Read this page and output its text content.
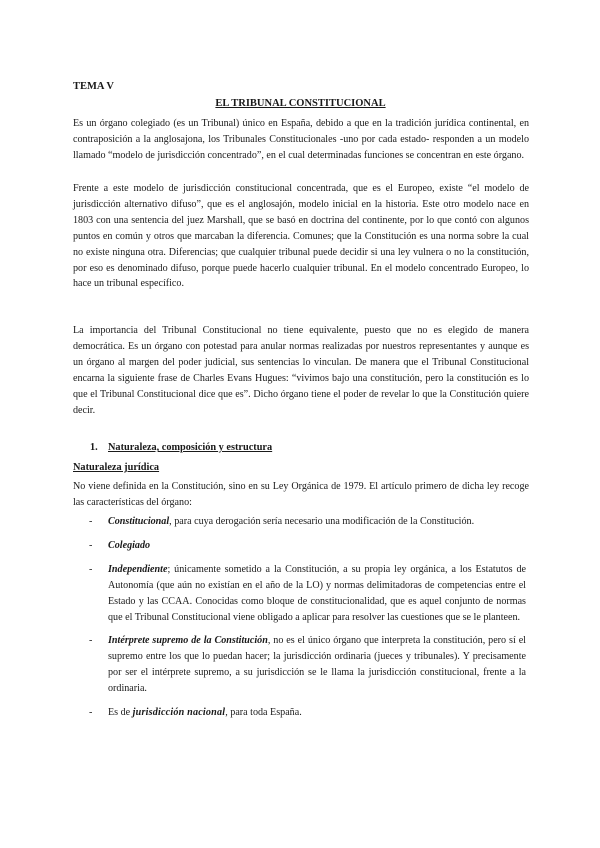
TEMA V
EL TRIBUNAL CONSTITUCIONAL

Es un órgano colegiado (es un Tribunal) único en España, debido a que en la tradición jurídica continental, en contraposición a la anglosajona, los Tribunales Constitucionales -uno por cada estado- responden a un modelo llamado “modelo de jurisdicción concentrado”, en el cual determinadas funciones se concentran en este órgano.

Frente a este modelo de jurisdicción constitucional concentrada, que es el Europeo, existe “el modelo de jurisdicción alternativo difuso”, que es el anglosajón, modelo inicial en la historia. Este otro modelo nace en 1803 con una sentencia del juez Marshall, que se basó en doctrina del continente, por lo que contó con algunos puntos en común y otros que marcaban la diferencia. Comunes; que la Constitución es una norma sobre la cual no existe ninguna otra. Diferencias; que cualquier tribunal puede decidir si una ley vulnera o no la constitución, por eso es denominado difuso, porque puede hacerlo cualquier tribunal. En el modelo concentrado Europeo, lo hace un tribunal específico.

La importancia del Tribunal Constitucional no tiene equivalente, puesto que no es elegido de manera democrática. Es un órgano con potestad para anular normas realizadas por nuestros representantes y aunque es un órgano al margen del poder judicial, sus sentencias lo vinculan. De manera que el Tribunal Constitucional encarna la siguiente frase de Charles Evans Hugues: “vivimos bajo una constitución, pero la constitución es lo que el Tribunal Constitucional dice que es”. Dicho órgano tiene el poder de revelar lo que la Constitución quiere decir.

1. Naturaleza, composición y estructura
Naturaleza jurídica

No viene definida en la Constitución, sino en su Ley Orgánica de 1979. El artículo primero de dicha ley recoge las características del órgano:

- Constitucional, para cuya derogación sería necesario una modificación de la Constitución.
- Colegiado
- Independiente; únicamente sometido a la Constitución, a su propia ley orgánica, a los Estatutos de Autonomía (que aún no existían en el año de la LO) y normas delimitadoras de competencias entre el Estado y las CCAA. Conocidas como bloque de constitucionalidad, que es aquel conjunto de normas que el Tribunal Constitucional viene obligado a aplicar para resolver las cuestiones que se le planteen.
- Intérprete supremo de la Constitución, no es el único órgano que interpreta la constitución, pero sí el supremo entre los que lo puedan hacer; la jurisdicción ordinaria (jueces y tribunales). Y precisamente por ser el intérprete supremo, a su jurisdicción se le llama la jurisdicción constitucional, frente a la ordinaria.
- Es de jurisdicción nacional, para toda España.
